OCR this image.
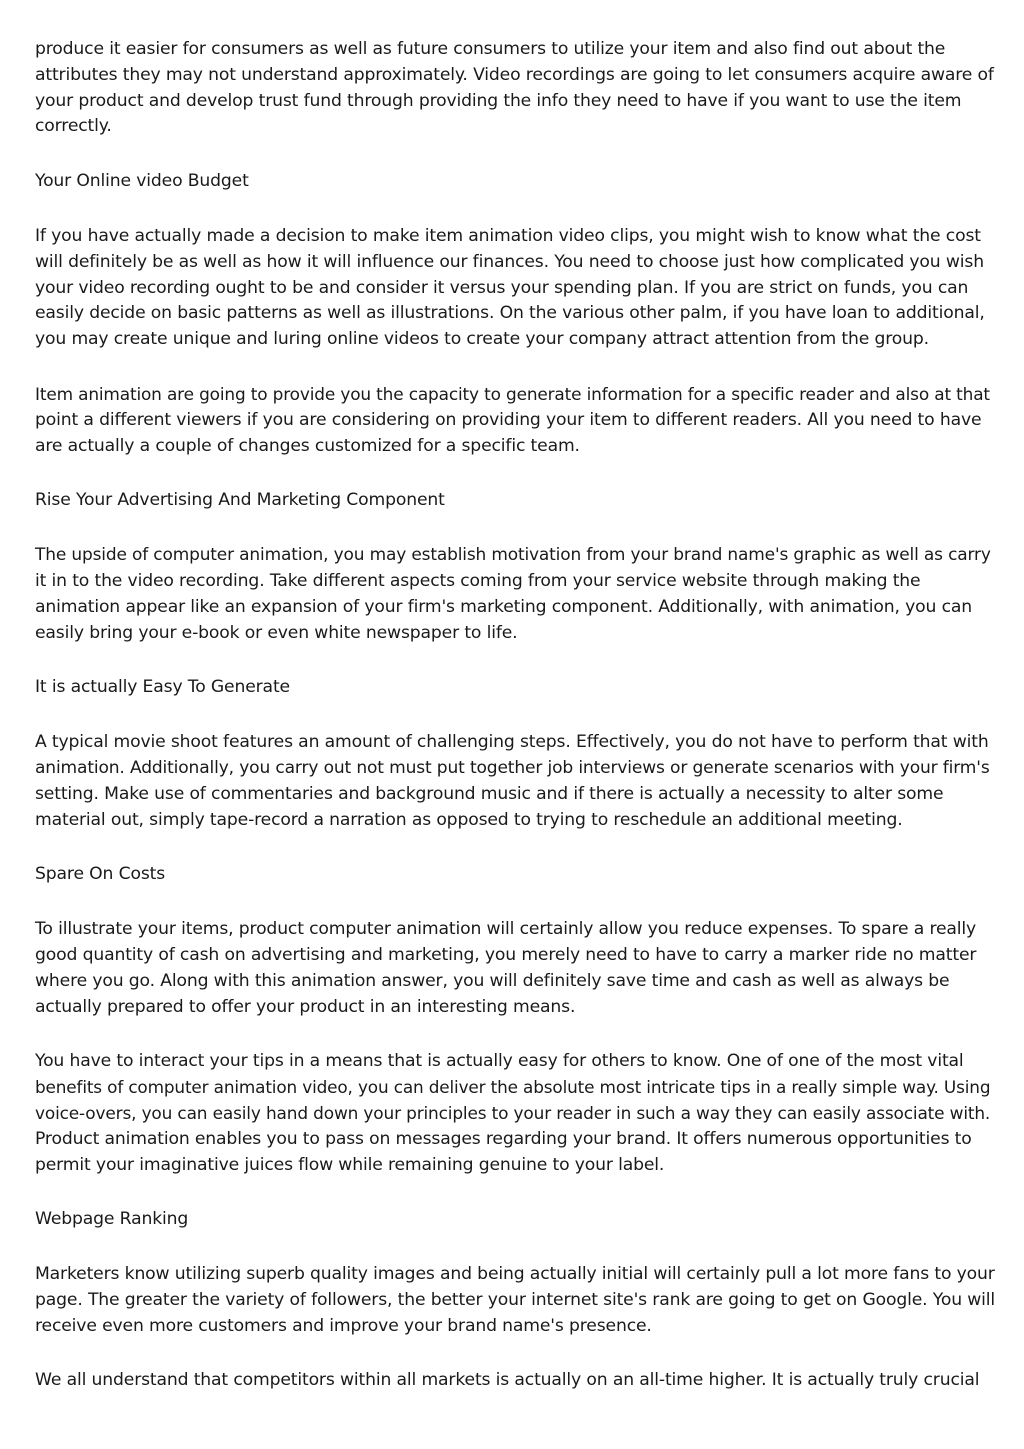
produce it easier for consumers as well as future consumers to utilize your item and also find out about the
attributes they may not understand approximately. Video recordings are going to let consumers acquire aware of
your product and develop trust fund through providing the info they need to have if you want to use the item
correctly.
Your Online video Budget
If you have actually made a decision to make item animation video clips, you might wish to know what the cost
will definitely be as well as how it will influence our finances. You need to choose just how complicated you wish
your video recording ought to be and consider it versus your spending plan. If you are strict on funds, you can
easily decide on basic patterns as well as illustrations. On the various other palm, if you have loan to additional,
you may create unique and luring online videos to create your company attract attention from the group.
Item animation are going to provide you the capacity to generate information for a specific reader and also at that
point a different viewers if you are considering on providing your item to different readers. All you need to have
are actually a couple of changes customized for a specific team.
Rise Your Advertising And Marketing Component
The upside of computer animation, you may establish motivation from your brand name's graphic as well as carry
it in to the video recording. Take different aspects coming from your service website through making the
animation appear like an expansion of your firm's marketing component. Additionally, with animation, you can
easily bring your e-book or even white newspaper to life.
It is actually Easy To Generate
A typical movie shoot features an amount of challenging steps. Effectively, you do not have to perform that with
animation. Additionally, you carry out not must put together job interviews or generate scenarios with your firm's
setting. Make use of commentaries and background music and if there is actually a necessity to alter some
material out, simply tape-record a narration as opposed to trying to reschedule an additional meeting.
Spare On Costs
To illustrate your items, product computer animation will certainly allow you reduce expenses. To spare a really
good quantity of cash on advertising and marketing, you merely need to have to carry a marker ride no matter
where you go. Along with this animation answer, you will definitely save time and cash as well as always be
actually prepared to offer your product in an interesting means.
You have to interact your tips in a means that is actually easy for others to know. One of one of the most vital
benefits of computer animation video, you can deliver the absolute most intricate tips in a really simple way. Using
voice-overs, you can easily hand down your principles to your reader in such a way they can easily associate with.
Product animation enables you to pass on messages regarding your brand. It offers numerous opportunities to
permit your imaginative juices flow while remaining genuine to your label.
Webpage Ranking
Marketers know utilizing superb quality images and being actually initial will certainly pull a lot more fans to your
page. The greater the variety of followers, the better your internet site's rank are going to get on Google. You will
receive even more customers and improve your brand name's presence.
We all understand that competitors within all markets is actually on an all-time higher. It is actually truly crucial
